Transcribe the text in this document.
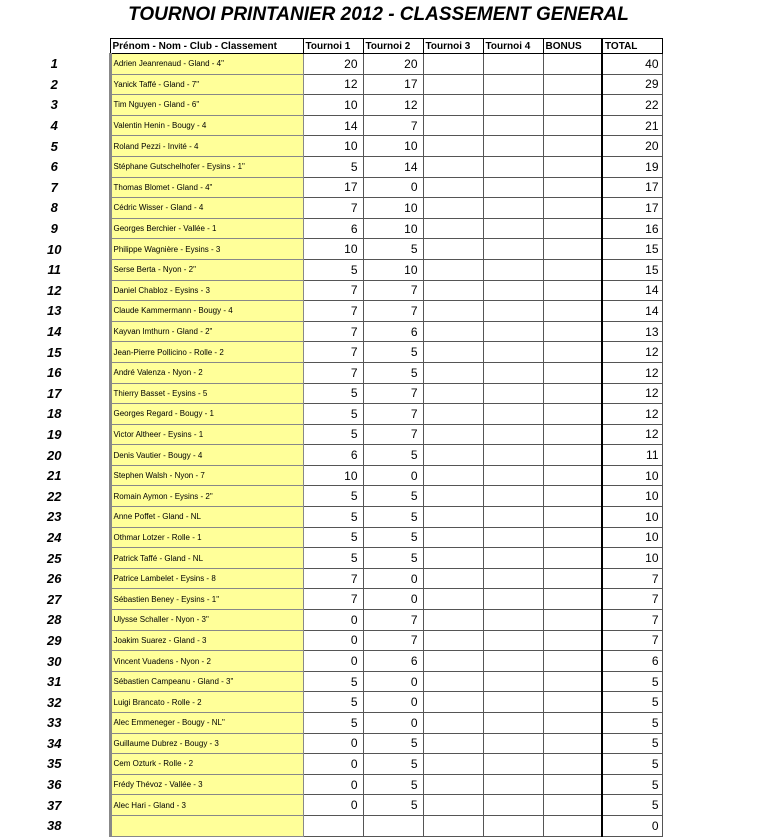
TOURNOI PRINTANIER 2012 - CLASSEMENT GENERAL
	Prénom - Nom - Club - Classement	Tournoi 1	Tournoi 2	Tournoi 3	Tournoi 4	BONUS	TOTAL
1	Adrien Jeanrenaud - Gland - 4"	20	20				40
2	Yanick Taffé - Gland - 7"	12	17				29
3	Tim Nguyen - Gland - 6"	10	12				22
4	Valentin Henin - Bougy - 4	14	7				21
5	Roland Pezzi - Invité - 4	10	10				20
6	Stéphane Gutschelhofer - Eysins - 1"	5	14				19
7	Thomas Blomet - Gland - 4"	17	0				17
8	Cédric Wisser - Gland - 4	7	10				17
9	Georges Berchier - Vallée - 1	6	10				16
10	Philippe Wagnière - Eysins - 3	10	5				15
11	Serse Berta - Nyon - 2"	5	10				15
12	Daniel Chabloz - Eysins - 3	7	7				14
13	Claude Kammermann - Bougy - 4	7	7				14
14	Kayvan Imthurn - Gland - 2"	7	6				13
15	Jean-Pierre Pollicino - Rolle - 2	7	5				12
16	André Valenza - Nyon - 2	7	5				12
17	Thierry Basset - Eysins - 5	5	7				12
18	Georges Regard - Bougy - 1	5	7				12
19	Victor Altheer - Eysins - 1	5	7				12
20	Denis Vautier - Bougy - 4	6	5				11
21	Stephen Walsh - Nyon - 7	10	0				10
22	Romain Aymon - Eysins - 2"	5	5				10
23	Anne Poffet - Gland - NL	5	5				10
24	Othmar Lotzer - Rolle - 1	5	5				10
25	Patrick Taffé - Gland - NL	5	5				10
26	Patrice Lambelet - Eysins - 8	7	0				7
27	Sébastien Beney - Eysins - 1"	7	0				7
28	Ulysse Schaller - Nyon - 3"	0	7				7
29	Joakim Suarez - Gland - 3	0	7				7
30	Vincent Vuadens - Nyon - 2	0	6				6
31	Sébastien Campeanu - Gland - 3"	5	0				5
32	Luigi Brancato - Rolle - 2	5	0				5
33	Alec Emmeneger - Bougy - NL"	5	0				5
34	Guillaume Dubrez - Bougy - 3	0	5				5
35	Cem Ozturk - Rolle - 2	0	5				5
36	Frédy Thévoz - Vallée - 3	0	5				5
37	Alec Hari - Gland - 3	0	5				5
38							0
